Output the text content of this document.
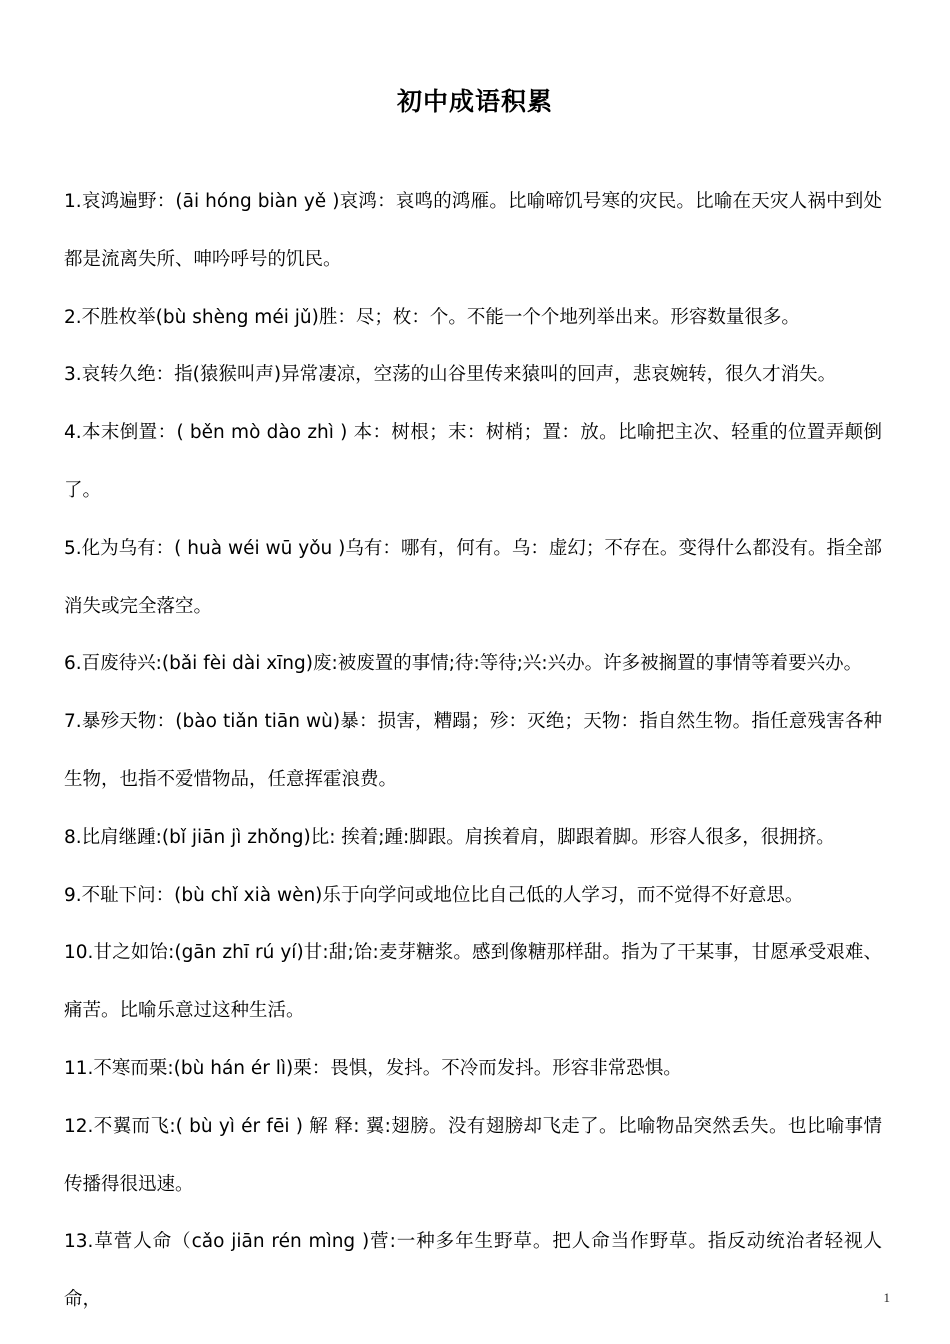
初中成语积累

1.哀鸿遍野：(āi hóng biàn yě )哀鸿：哀鸣的鸿雁。比喻啼饥号寒的灾民。比喻在天灾人祸中到处都是流离失所、呻吟呼号的饥民。

2.不胜枚举(bù shèng méi jǔ)胜：尽；枚：个。不能一个个地列举出来。形容数量很多。

3.哀转久绝：指(猿猴叫声)异常凄凉，空荡的山谷里传来猿叫的回声，悲哀婉转，很久才消失。

4.本末倒置：( běn mò dào zhì ) 本：树根；末：树梢；置：放。比喻把主次、轻重的位置弄颠倒了。

5.化为乌有：( huà wéi wū yǒu )乌有：哪有，何有。乌：虚幻；不存在。变得什么都没有。指全部消失或完全落空。

6.百废待兴:(bǎi fèi dài xīng)废:被废置的事情;待:等待;兴:兴办。许多被搁置的事情等着要兴办。

7.暴殄天物：(bào tiǎn tiān wù)暴：损害，糟蹋；殄：灭绝；天物：指自然生物。指任意残害各种生物，也指不爱惜物品，任意挥霍浪费。

8.比肩继踵:(bǐ jiān jì zhǒng)比: 挨着;踵:脚跟。肩挨着肩，脚跟着脚。形容人很多，很拥挤。

9.不耻下问：(bù chǐ xià wèn)乐于向学问或地位比自己低的人学习，而不觉得不好意思。

10.甘之如饴:(gān zhī rú yí)甘:甜;饴:麦芽糖浆。感到像糖那样甜。指为了干某事，甘愿承受艰难、痛苦。比喻乐意过这种生活。

11.不寒而栗:(bù hán ér lì)栗：畏惧，发抖。不冷而发抖。形容非常恐惧。

12.不翼而飞:( bù yì ér fēi ) 解 释: 翼:翅膀。没有翅膀却飞走了。比喻物品突然丢失。也比喻事情传播得很迅速。

13.草菅人命（cǎo jiān rén mìng )菅:一种多年生野草。把人命当作野草。指反动统治者轻视人命，	1
